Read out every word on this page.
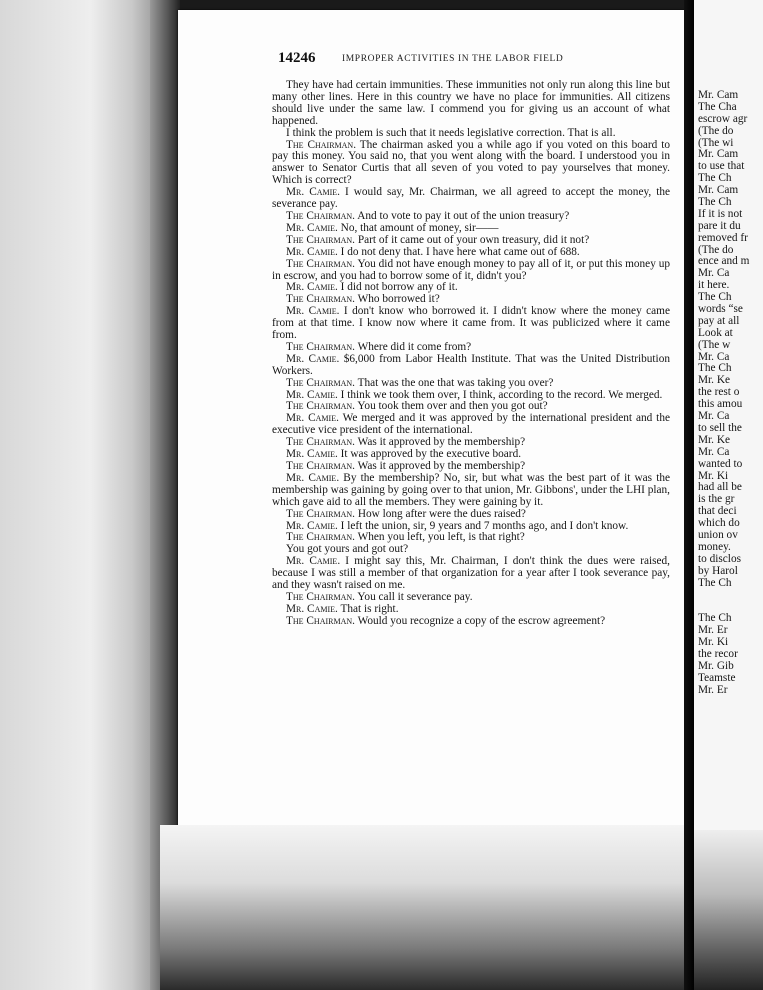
14246	IMPROPER ACTIVITIES IN THE LABOR FIELD

They have had certain immunities. These immunities not only run along this line but many other lines. Here in this country we have no place for immunities. All citizens should live under the same law. I commend you for giving us an account of what happened.

I think the problem is such that it needs legislative correction. That is all.

The Chairman. The chairman asked you a while ago if you voted on this board to pay this money. You said no, that you went along with the board. I understood you in answer to Senator Curtis that all seven of you voted to pay yourselves that money. Which is correct?

Mr. Camie. I would say, Mr. Chairman, we all agreed to accept the money, the severance pay.

The Chairman. And to vote to pay it out of the union treasury?

Mr. Camie. No, that amount of money, sir——

The Chairman. Part of it came out of your own treasury, did it not?

Mr. Camie. I do not deny that. I have here what came out of 688.

The Chairman. You did not have enough money to pay all of it, or put this money up in escrow, and you had to borrow some of it, didn't you?

Mr. Camie. I did not borrow any of it.

The Chairman. Who borrowed it?

Mr. Camie. I don't know who borrowed it. I didn't know where the money came from at that time. I know now where it came from. It was publicized where it came from.

The Chairman. Where did it come from?

Mr. Camie. $6,000 from Labor Health Institute. That was the United Distribution Workers.

The Chairman. That was the one that was taking you over?

Mr. Camie. I think we took them over, I think, according to the record. We merged.

The Chairman. You took them over and then you got out?

Mr. Camie. We merged and it was approved by the international president and the executive vice president of the international.

The Chairman. Was it approved by the membership?

Mr. Camie. It was approved by the executive board.

The Chairman. Was it approved by the membership?

Mr. Camie. By the membership? No, sir, but what was the best part of it was the membership was gaining by going over to that union, Mr. Gibbons', under the LHI plan, which gave aid to all the members. They were gaining by it.

The Chairman. How long after were the dues raised?

Mr. Camie. I left the union, sir, 9 years and 7 months ago, and I don't know.

The Chairman. When you left, you left, is that right?

You got yours and got out?

Mr. Camie. I might say this, Mr. Chairman, I don't think the dues were raised, because I was still a member of that organization for a year after I took severance pay, and they wasn't raised on me.

The Chairman. You call it severance pay.

Mr. Camie. That is right.

The Chairman. Would you recognize a copy of the escrow agreement?

Mr. Cam
The Cha
escrow agr
(The do
(The wi
Mr. Cam
to use that
The Ch
Mr. Cam
The Ch
If it is not
pare it du
removed fr
(The do
ence and m
Mr. Ca
it here.
The Ch
words “se
pay at all
Look at
(The w
Mr. Ca
The Ch
Mr. Ke
the rest o
this amou
Mr. Ca
to sell the
Mr. Ke
Mr. Ca
wanted to
Mr. Ki
had all be
is the gr
that deci
which do
union ov
money.
to disclos
by Harol
The Ch
The Ch
Mr. Er
Mr. Ki
the recor
Mr. Gib
Teamste
Mr. Er
